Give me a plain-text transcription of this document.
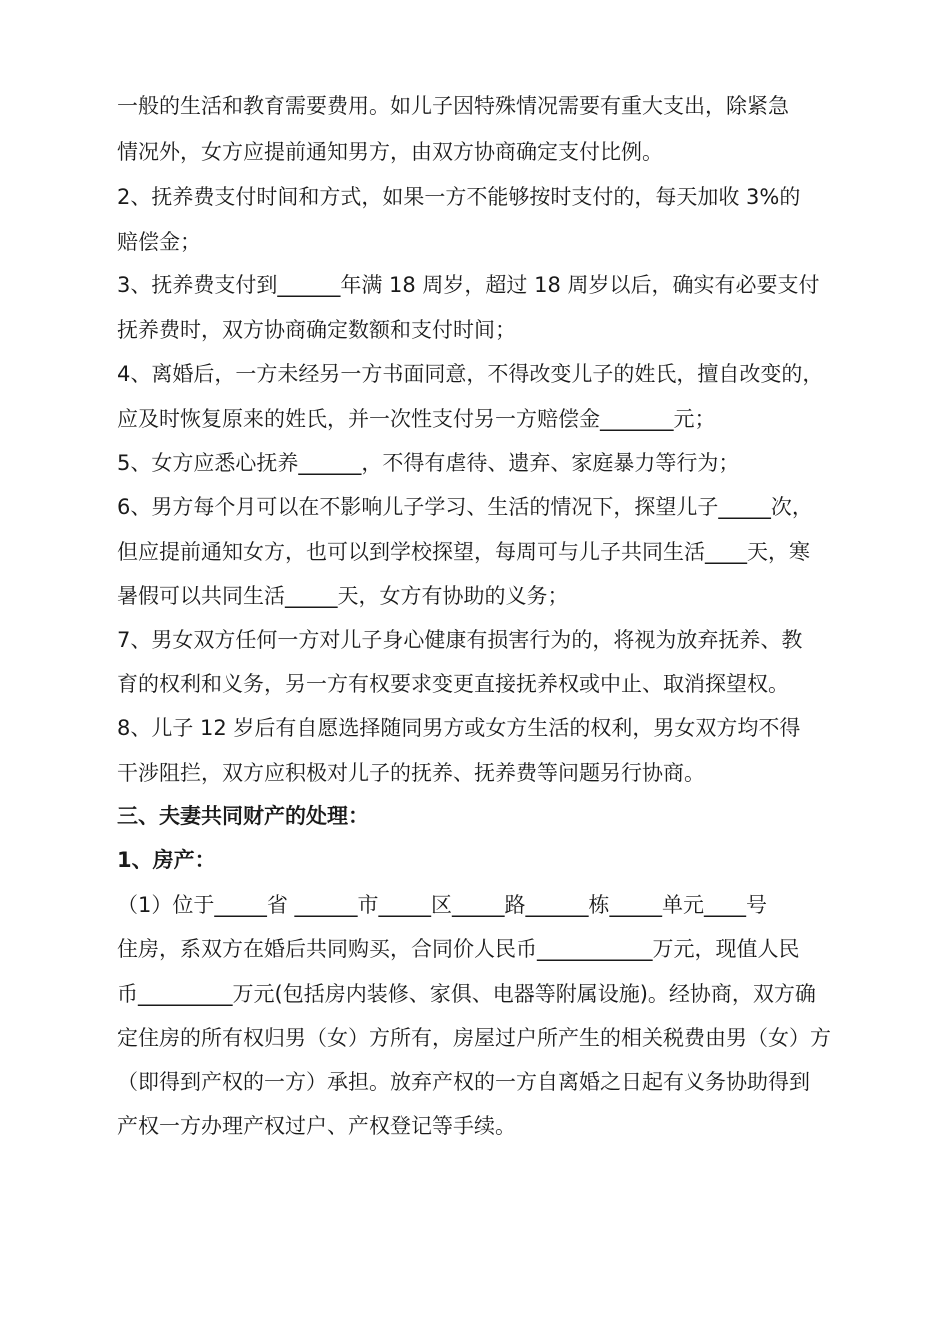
一般的生活和教育需要费用。如儿子因特殊情况需要有重大支出，除紧急
情况外，女方应提前通知男方，由双方协商确定支付比例。
2、抚养费支付时间和方式，如果一方不能够按时支付的，每天加收 3%的
赔偿金；
3、抚养费支付到______年满 18 周岁，超过 18 周岁以后，确实有必要支付
抚养费时，双方协商确定数额和支付时间；
4、离婚后，一方未经另一方书面同意，不得改变儿子的姓氏，擅自改变的，
应及时恢复原来的姓氏，并一次性支付另一方赔偿金_______元；
5、女方应悉心抚养______，不得有虐待、遗弃、家庭暴力等行为；
6、男方每个月可以在不影响儿子学习、生活的情况下，探望儿子_____次，
但应提前通知女方，也可以到学校探望，每周可与儿子共同生活____天，寒
暑假可以共同生活_____天，女方有协助的义务；
7、男女双方任何一方对儿子身心健康有损害行为的，将视为放弃抚养、教
育的权利和义务，另一方有权要求变更直接抚养权或中止、取消探望权。
8、儿子 12 岁后有自愿选择随同男方或女方生活的权利，男女双方均不得
干涉阻拦，双方应积极对儿子的抚养、抚养费等问题另行协商。
三、夫妻共同财产的处理：
1、房产：
（1）位于_____省 ______市_____区_____路______栋_____单元____号
住房，系双方在婚后共同购买，合同价人民币___________万元，现值人民
币_________万元(包括房内装修、家俱、电器等附属设施)。经协商，双方确
定住房的所有权归男（女）方所有，房屋过户所产生的相关税费由男（女）方
（即得到产权的一方）承担。放弃产权的一方自离婚之日起有义务协助得到
产权一方办理产权过户、产权登记等手续。
